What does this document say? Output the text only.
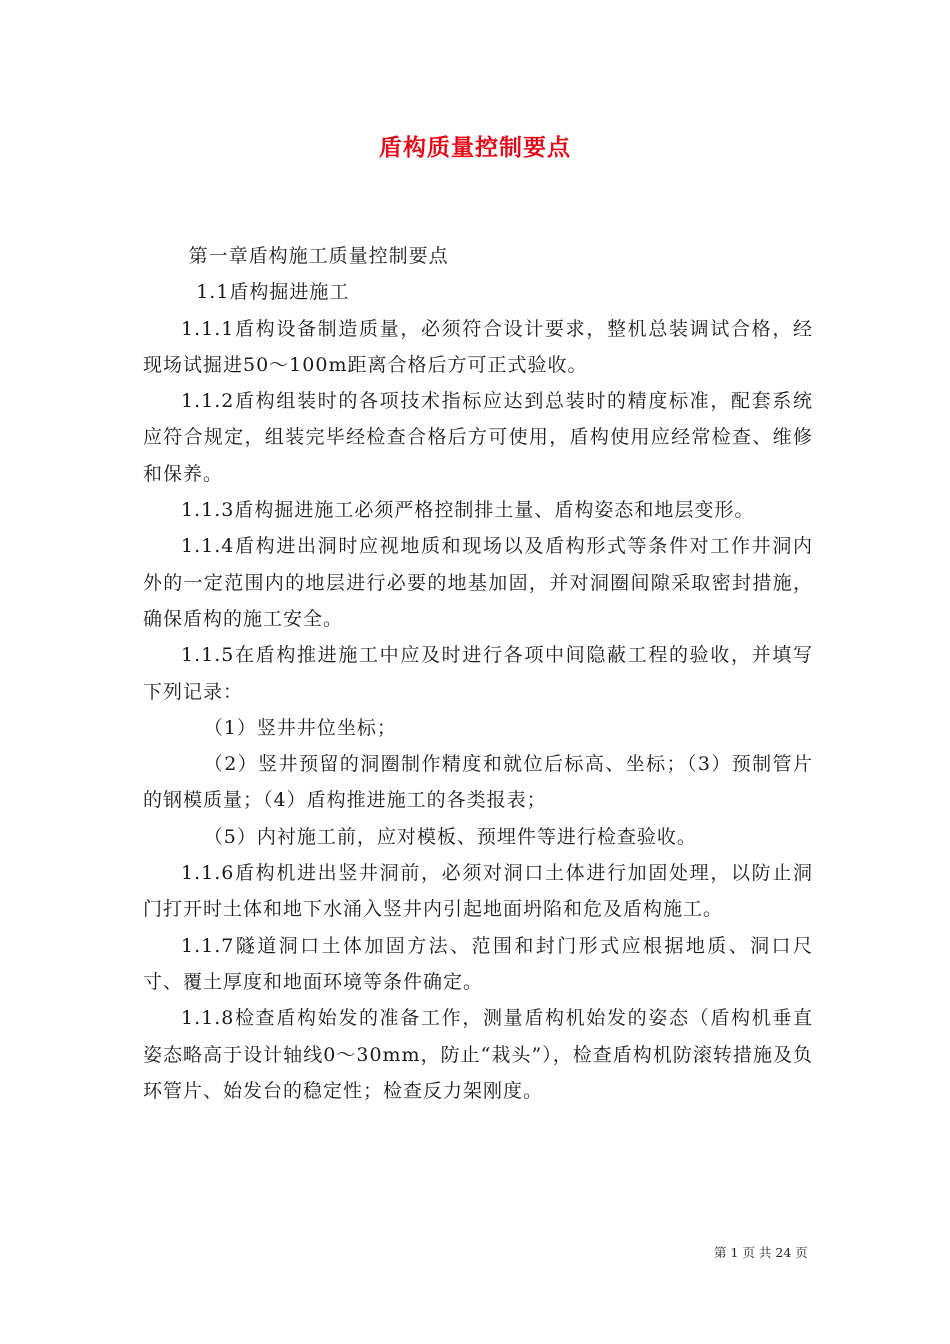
盾构质量控制要点

第一章盾构施工质量控制要点

1.1盾构掘进施工

1.1.1盾构设备制造质量，必须符合设计要求，整机总装调试合格，经现场试掘进50～100m距离合格后方可正式验收。

1.1.2盾构组装时的各项技术指标应达到总装时的精度标准，配套系统应符合规定，组装完毕经检查合格后方可使用，盾构使用应经常检查、维修和保养。

1.1.3盾构掘进施工必须严格控制排土量、盾构姿态和地层变形。

1.1.4盾构进出洞时应视地质和现场以及盾构形式等条件对工作井洞内外的一定范围内的地层进行必要的地基加固，并对洞圈间隙采取密封措施，确保盾构的施工安全。

1.1.5在盾构推进施工中应及时进行各项中间隐蔽工程的验收，并填写下列记录：

（1）竖井井位坐标；

（2）竖井预留的洞圈制作精度和就位后标高、坐标；（3）预制管片的钢模质量；（4）盾构推进施工的各类报表；

（5）内衬施工前，应对模板、预埋件等进行检查验收。

1.1.6盾构机进出竖井洞前，必须对洞口土体进行加固处理，以防止洞门打开时土体和地下水涌入竖井内引起地面坍陷和危及盾构施工。

1.1.7隧道洞口土体加固方法、范围和封门形式应根据地质、洞口尺寸、覆土厚度和地面环境等条件确定。

1.1.8检查盾构始发的准备工作，测量盾构机始发的姿态（盾构机垂直姿态略高于设计轴线0～30mm，防止“栽头”），检查盾构机防滚转措施及负环管片、始发台的稳定性；检查反力架刚度。

第 1 页 共 24 页
